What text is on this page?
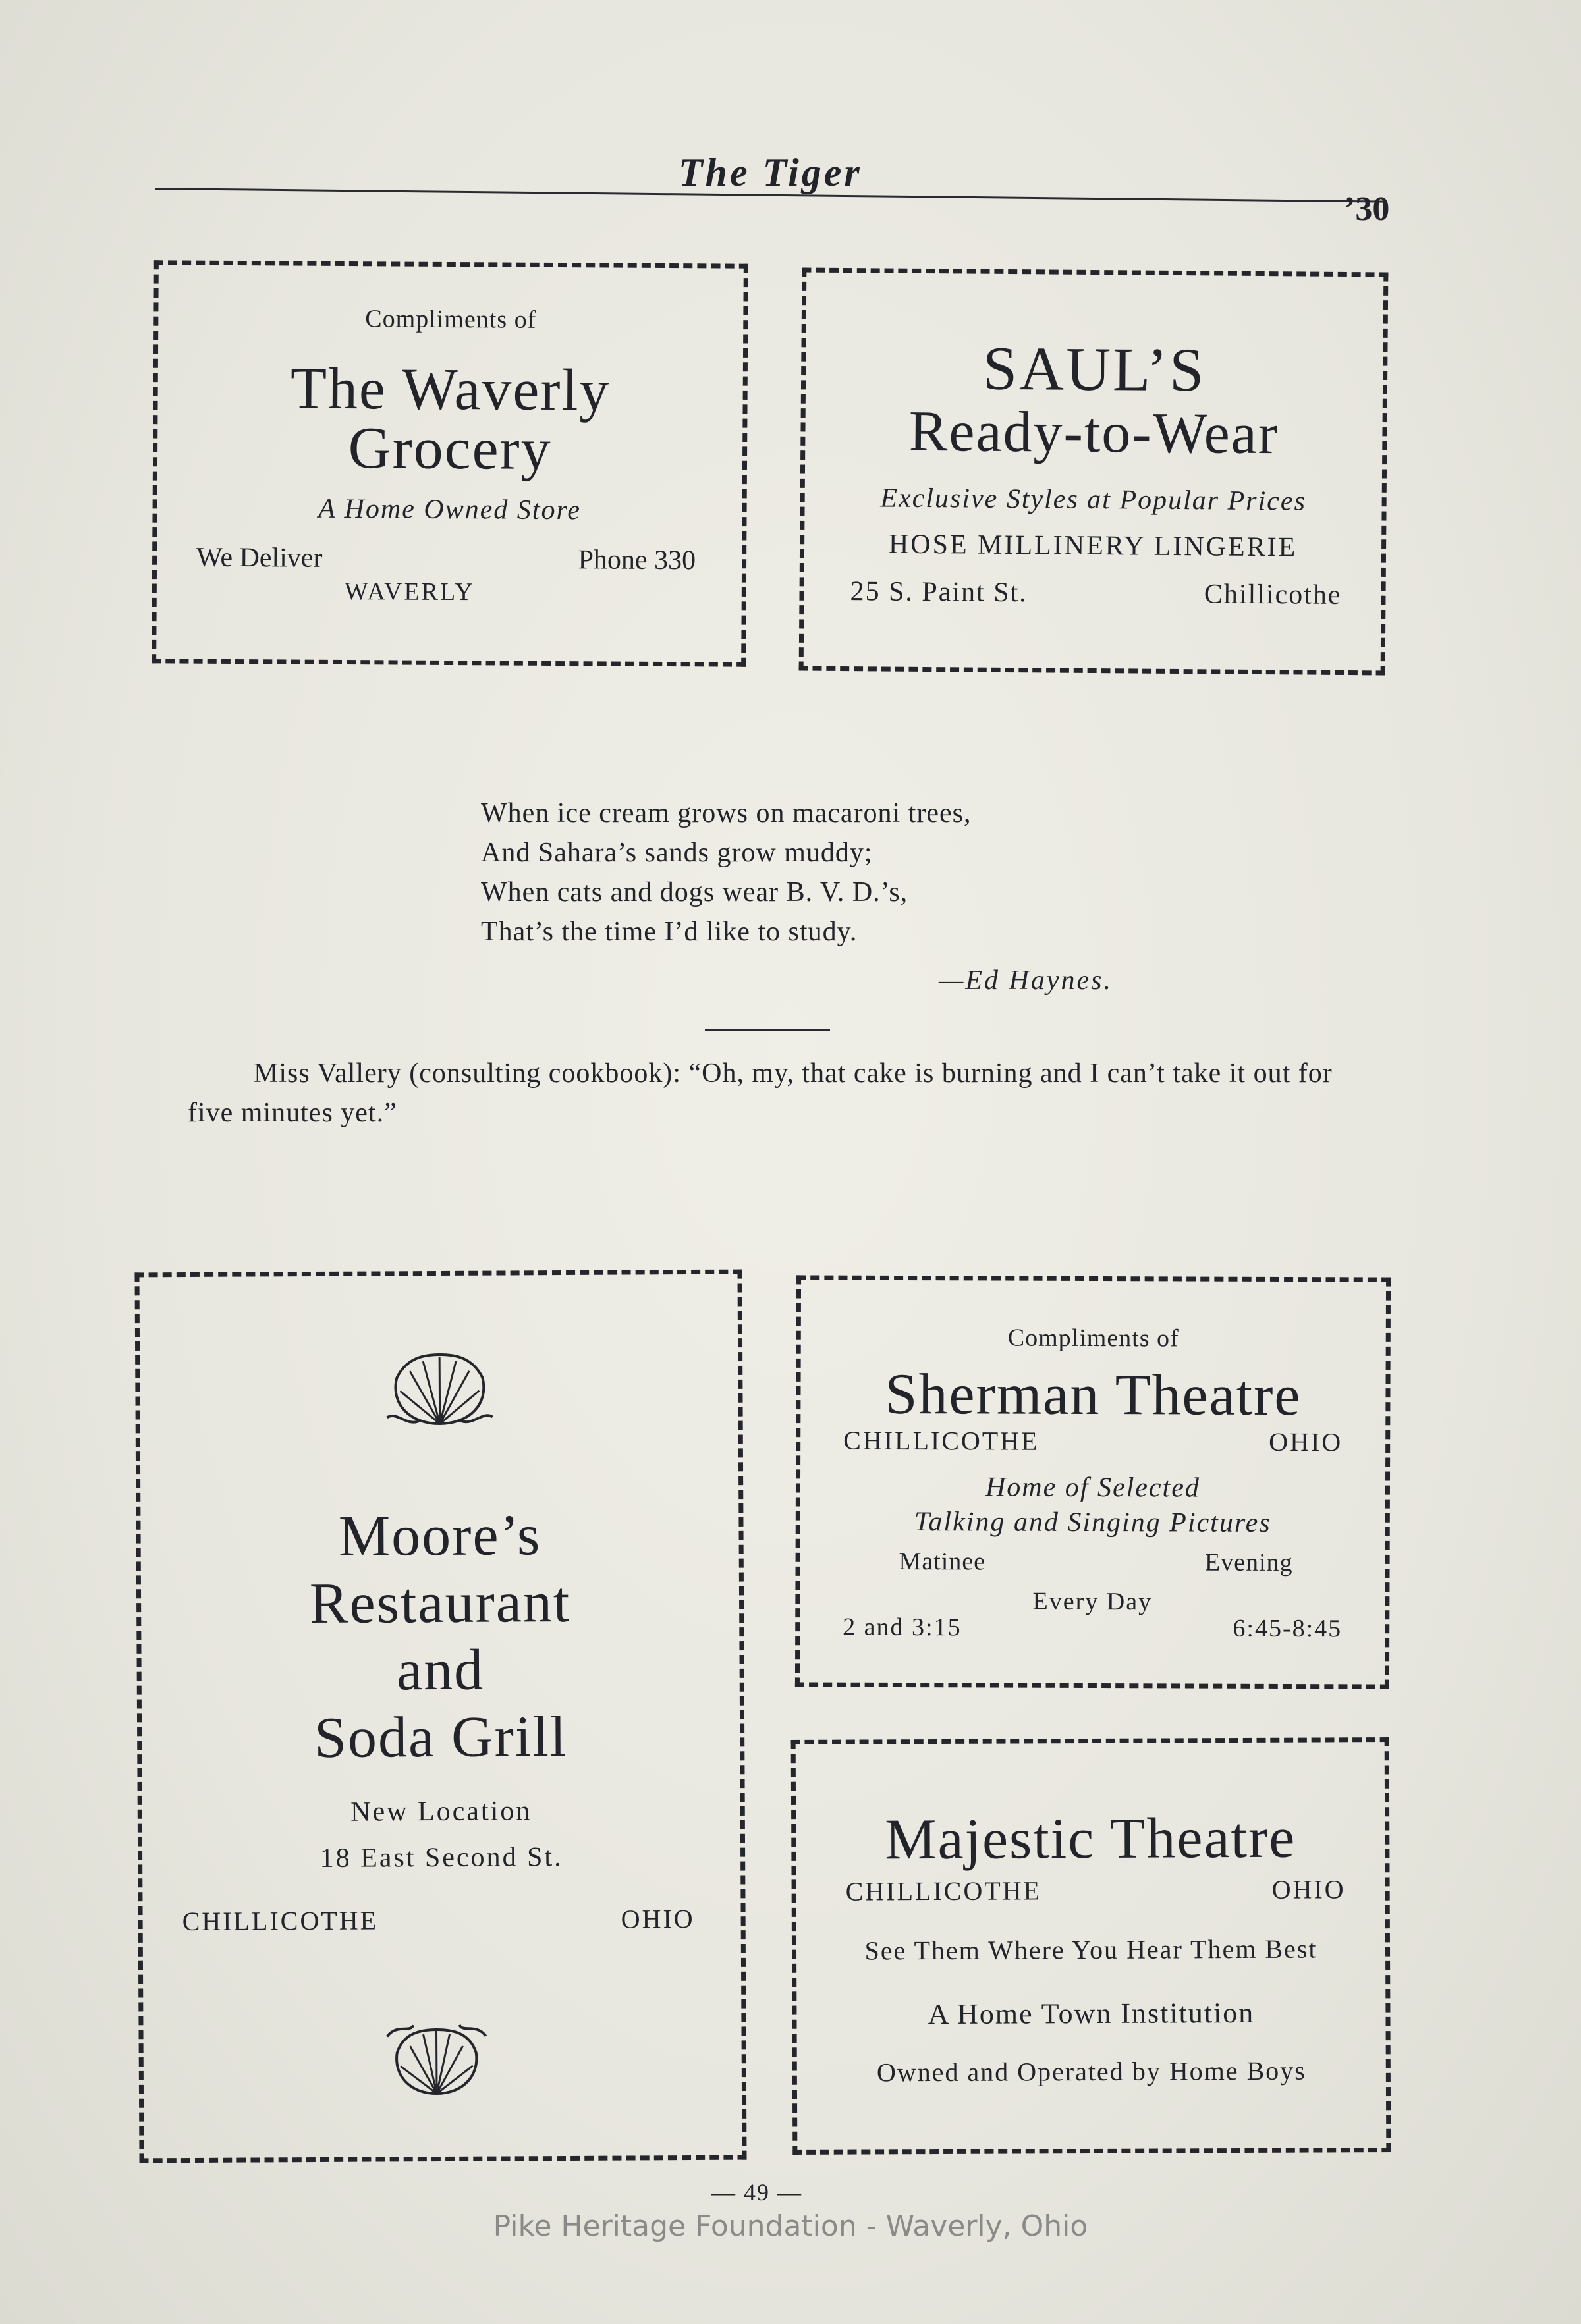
The Tiger
’30
Compliments of
The Waverly
Grocery
A Home Owned Store
We Deliver	Phone 330
WAVERLY
SAUL’S
Ready-to-Wear
Exclusive Styles at Popular Prices
HOSE MILLINERY LINGERIE
25 S. Paint St.	Chillicothe
When ice cream grows on macaroni trees,
And Sahara’s sands grow muddy;
When cats and dogs wear B. V. D.’s,
That’s the time I’d like to study.
—Ed Haynes.
Miss Vallery (consulting cookbook): “Oh, my, that cake is burning and I can’t take it out for five minutes yet.”
Moore’s
Restaurant
and
Soda Grill
New Location
18 East Second St.
CHILLICOTHE	OHIO
Compliments of
Sherman Theatre
CHILLICOTHE	OHIO
Home of Selected
Talking and Singing Pictures
Matinee	Evening
Every Day
2 and 3:15	6:45-8:45
Majestic Theatre
CHILLICOTHE	OHIO
See Them Where You Hear Them Best
A Home Town Institution
Owned and Operated by Home Boys
— 49 —
Pike Heritage Foundation - Waverly, Ohio
